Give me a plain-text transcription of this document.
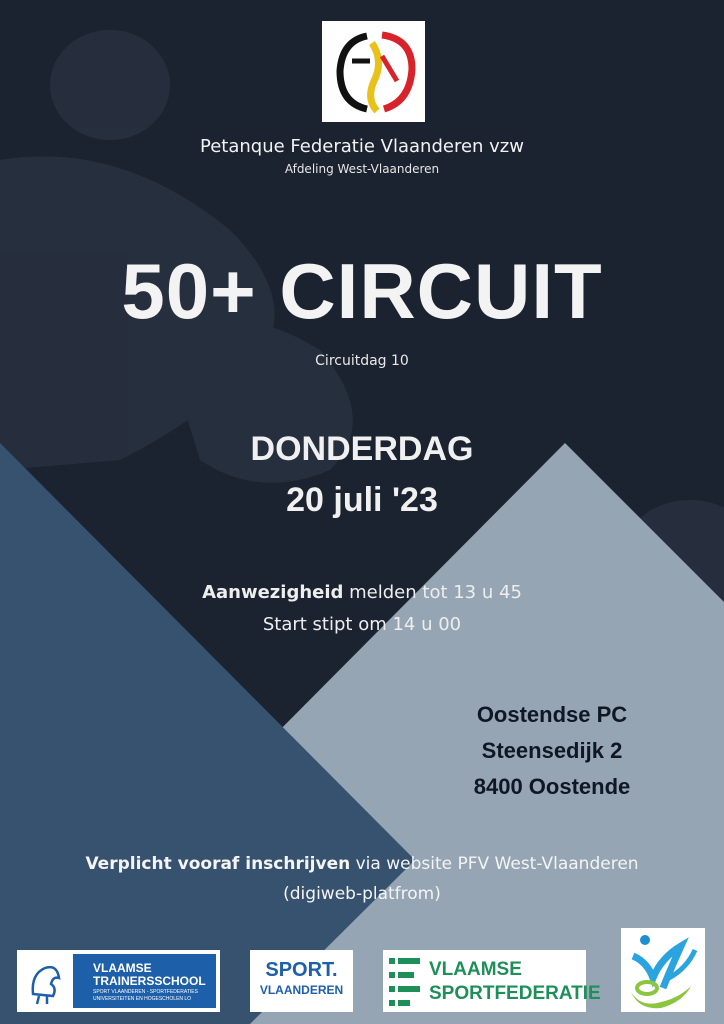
Petanque Federatie Vlaanderen vzw
Afdeling West-Vlaanderen
50+ CIRCUIT
Circuitdag 10
DONDERDAG
20 juli '23
Aanwezigheid melden tot 13 u 45
Start stipt om 14 u 00
Oostendse PC
Steensedijk 2
8400 Oostende
Verplicht vooraf inschrijven via website PFV West-Vlaanderen
(digiweb-platfrom)
VLAAMSE
TRAINERSSCHOOL
SPORT VLAANDEREN - SPORTFEDERATIES
UNIVERSITEITEN EN HOGESCHOLEN LO
SPORT.
VLAANDEREN
VLAAMSE
SPORTFEDERATIE
